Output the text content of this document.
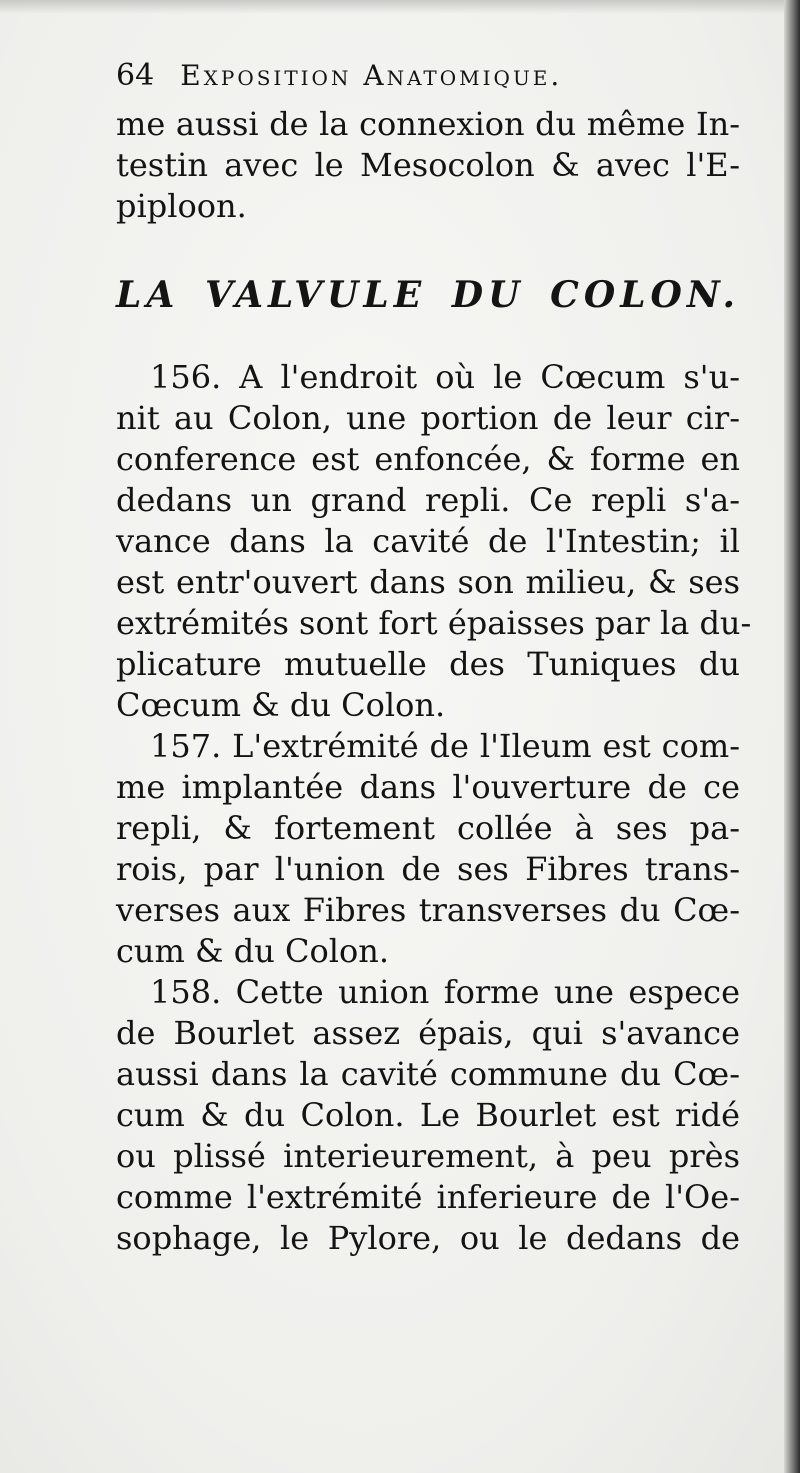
64 Exposition Anatomique.
me aussi de la connexion du même In-
testin avec le Mesocolon & avec l'E-
piploon.
LA VALVULE DU COLON.
156. A l'endroit où le Cœcum s'u-
nit au Colon, une portion de leur cir-
conference est enfoncée, & forme en
dedans un grand repli. Ce repli s'a-
vance dans la cavité de l'Intestin; il
est entr'ouvert dans son milieu, & ses
extrémités sont fort épaisses par la du-
plicature mutuelle des Tuniques du
Cœcum & du Colon.
157. L'extrémité de l'Ileum est com-
me implantée dans l'ouverture de ce
repli, & fortement collée à ses pa-
rois, par l'union de ses Fibres trans-
verses aux Fibres transverses du Cœ-
cum & du Colon.
158. Cette union forme une espece
de Bourlet assez épais, qui s'avance
aussi dans la cavité commune du Cœ-
cum & du Colon. Le Bourlet est ridé
ou plissé interieurement, à peu près
comme l'extrémité inferieure de l'Oe-
sophage, le Pylore, ou le dedans de
